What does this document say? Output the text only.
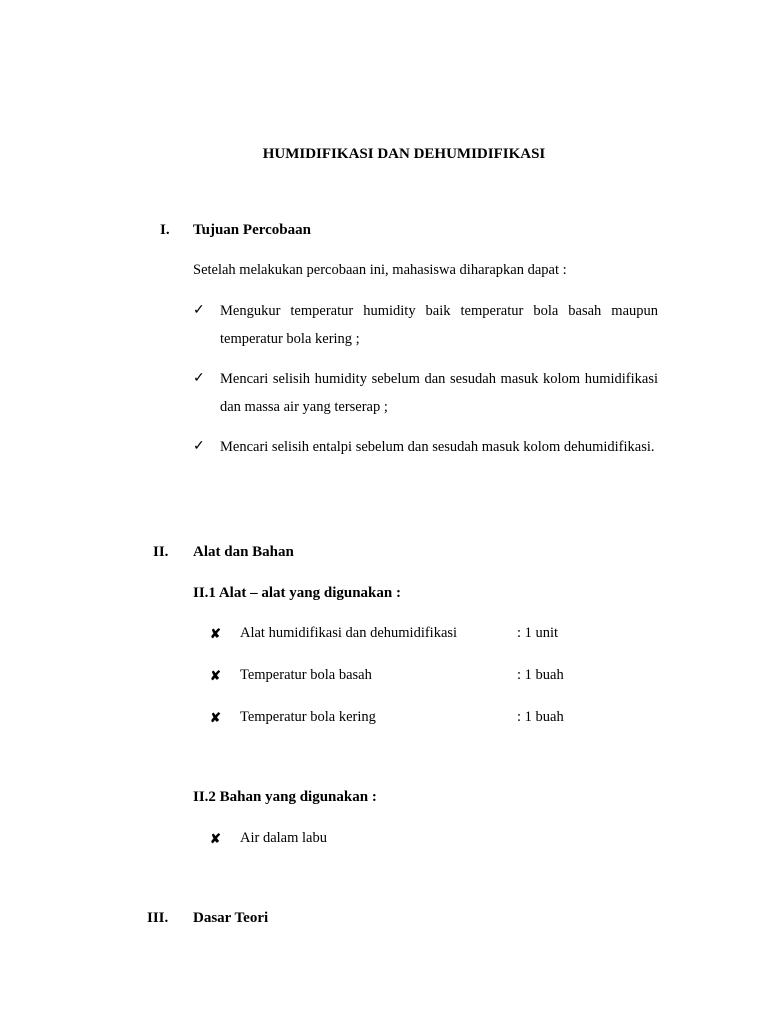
HUMIDIFIKASI DAN DEHUMIDIFIKASI
I. Tujuan Percobaan
Setelah melakukan percobaan ini, mahasiswa diharapkan dapat :
✓ Mengukur temperatur humidity baik temperatur bola basah maupun temperatur bola kering ;
✓ Mencari selisih humidity sebelum dan sesudah masuk kolom humidifikasi dan massa air yang terserap ;
✓ Mencari selisih entalpi sebelum dan sesudah masuk kolom dehumidifikasi.
II. Alat dan Bahan
II.1 Alat – alat yang digunakan :
✘ Alat humidifikasi dan dehumidifikasi	: 1 unit
✘ Temperatur bola basah	: 1 buah
✘ Temperatur bola kering	: 1 buah
II.2 Bahan yang digunakan :
✘ Air dalam labu
III. Dasar Teori
